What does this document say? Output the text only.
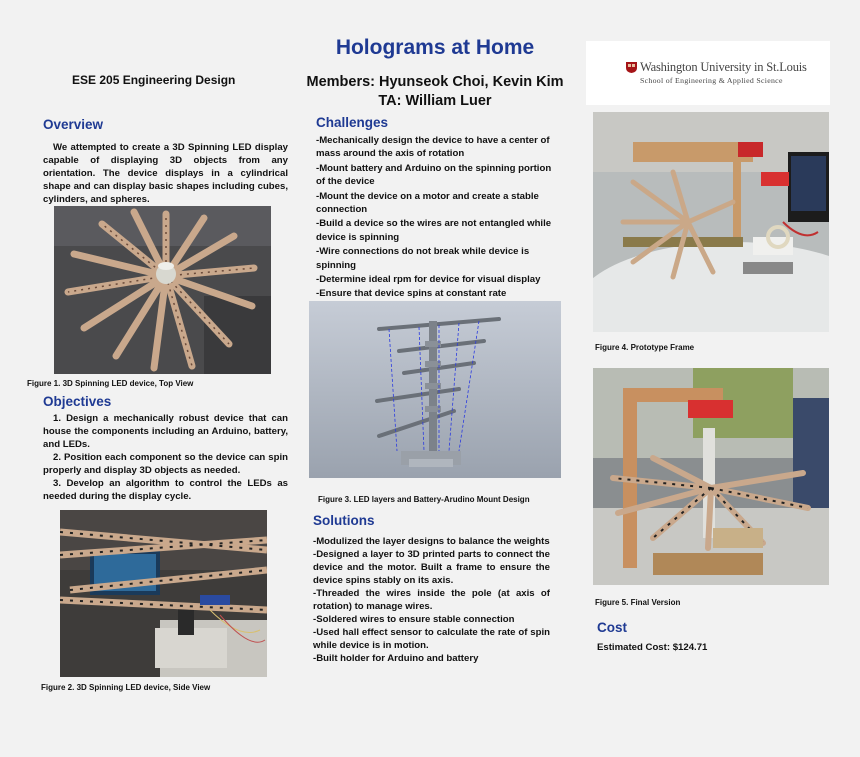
Holograms at Home
ESE 205 Engineering Design	Members: Hyunseok Choi, Kevin Kim
TA: William Luer
Washington University in St.Louis
School of Engineering & Applied Science
Overview
We attempted to create a 3D Spinning LED display capable of displaying 3D objects from any orientation. The device displays in a cylindrical shape and can display basic shapes including cubes, cylinders, and spheres.
Figure 1. 3D Spinning LED device, Top View
Objectives

1. Design a mechanically robust device that can house the components including an Arduino, battery, and LEDs.

2. Position each component so the device can spin properly and display 3D objects as needed.

3. Develop an algorithm to control the LEDs as needed during the display cycle.

Figure 2. 3D Spinning LED device, Side View
Challenges

-Mechanically design the device to have a center of mass around the axis of rotation

-Mount battery and Arduino on the spinning portion of the device

-Mount the device on a motor and create a stable connection

-Build a device so the wires are not entangled while device is spinning

-Wire connections do not break while device is spinning

-Determine ideal rpm for device for visual display

-Ensure that device spins at constant rate

Figure 3. LED layers and Battery-Arudino Mount Design
Solutions

-Modulized the layer designs to balance the weights

-Designed a layer to 3D printed parts to connect the device and the motor. Built a frame to ensure the device spins stably on its axis.

-Threaded the wires inside the pole (at axis of rotation) to manage wires.

-Soldered wires to ensure stable connection

-Used hall effect sensor to calculate the rate of spin while device is in motion.

-Built holder for Arduino and battery

Figure 4. Prototype Frame
Figure 5. Final Version
Cost
Estimated Cost: $124.71
